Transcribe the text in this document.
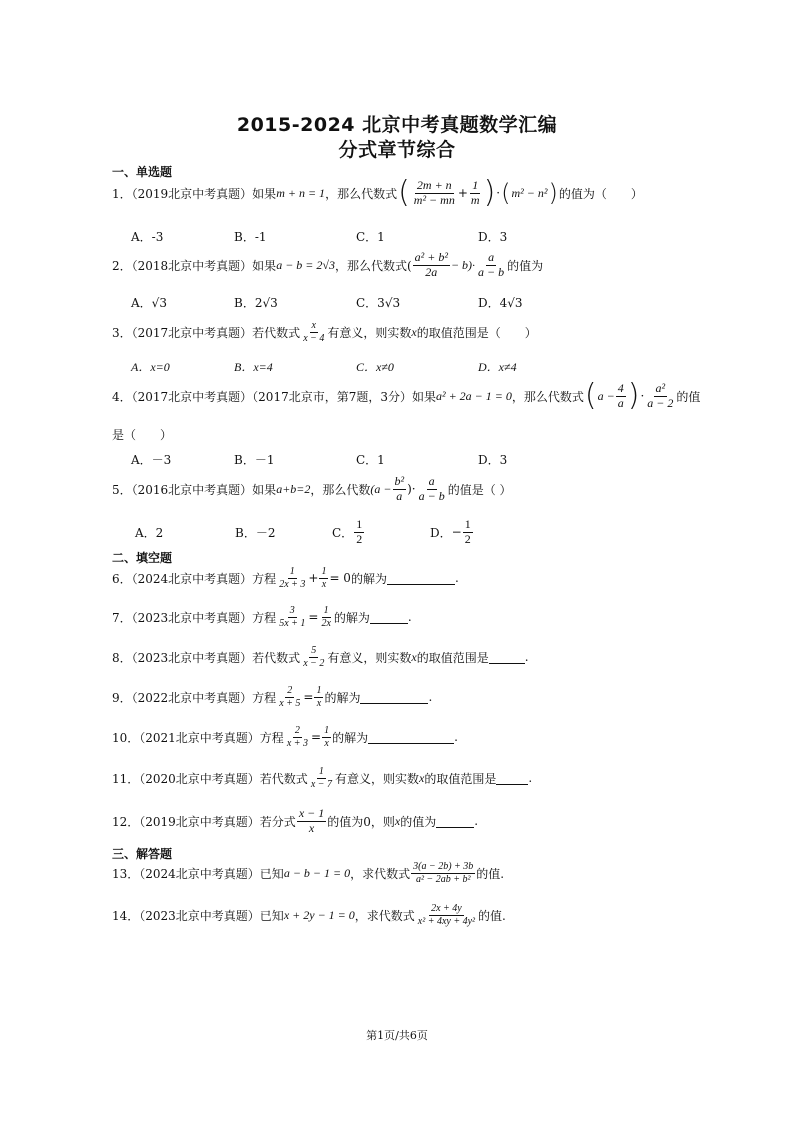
2015-2024 北京中考真题数学汇编
分式章节综合
一、单选题
1．（2019北京中考真题）如果 m + n = 1 ，那么代数式 ( $\frac{2m + n}{\text{m² − mn}} + \frac{1}{m}$ ) · ( m² − n² ) 的值为（　　）
A．-3	B．-1	C．1	D．3
2．（2018北京中考真题）如果 a − b = 2√3 ，那么代数式( $\frac{\text{a² + b²}}{2a} - b)\cdot \frac{a}{a - b}$ 的值为
A．√3	B．2√3	C．3√3	D．4√3
3．（2017北京中考真题）若代数式 $\frac{x}{x - 4}$ 有意义，则实数 x 的取值范围是（　　）
A．x=0	B．x=4	C．x≠0	D．x≠4
4．（2017北京中考真题）（2017北京市，第7题，3分）如果 a² + 2a − 1 = 0 ，那么代数式 ( $a - \frac{4}{a}$ ) · $\frac{\text{a²}}{a - 2}$ 的值
是（　　）
A．－3	B．－1	C．1	D．3
5．（2016北京中考真题）如果 a+b=2 ，那么代数 ($a - \frac{\text{b²}}{a}$ )· $\frac{a}{a - b}$ 的值是（ ）
A．2	B．－2	C． $\frac{1}{2}$	D． − $\frac{1}{2}$
二、填空题
6．（2024北京中考真题）方程 $\frac{1}{2x + 3} + \frac{1}{x} = 0$ 的解为	.
7．（2023北京中考真题）方程 $\frac{3}{5x + 1} = \frac{1}{2x}$ 的解为	.
8．（2023北京中考真题）若代数式 $\frac{5}{x - 2}$ 有意义，则实数 x 的取值范围是	.
9．（2022北京中考真题）方程 $\frac{2}{x + 5} = \frac{1}{x}$ 的解为	.
10．（2021北京中考真题）方程 $\frac{2}{x + 3} = \frac{1}{x}$ 的解为	.
11．（2020北京中考真题）若代数式 $\frac{1}{x - 7}$ 有意义，则实数 x 的取值范围是	.
12．（2019北京中考真题）若分式 $\frac{x - 1}{x}$ 的值为0，则 x 的值为	.
三、解答题
13．（2024北京中考真题）已知 a − b − 1 = 0 ，求代数式 $\frac{3(a - 2b) + 3b}{\text{a² − 2ab + b²}}$ 的值.
14．（2023北京中考真题）已知 x + 2y − 1 = 0 ，求代数式 $\frac{2x + 4y}{\text{x² + 4xy + 4y²}}$ 的值.
第1页/共6页
